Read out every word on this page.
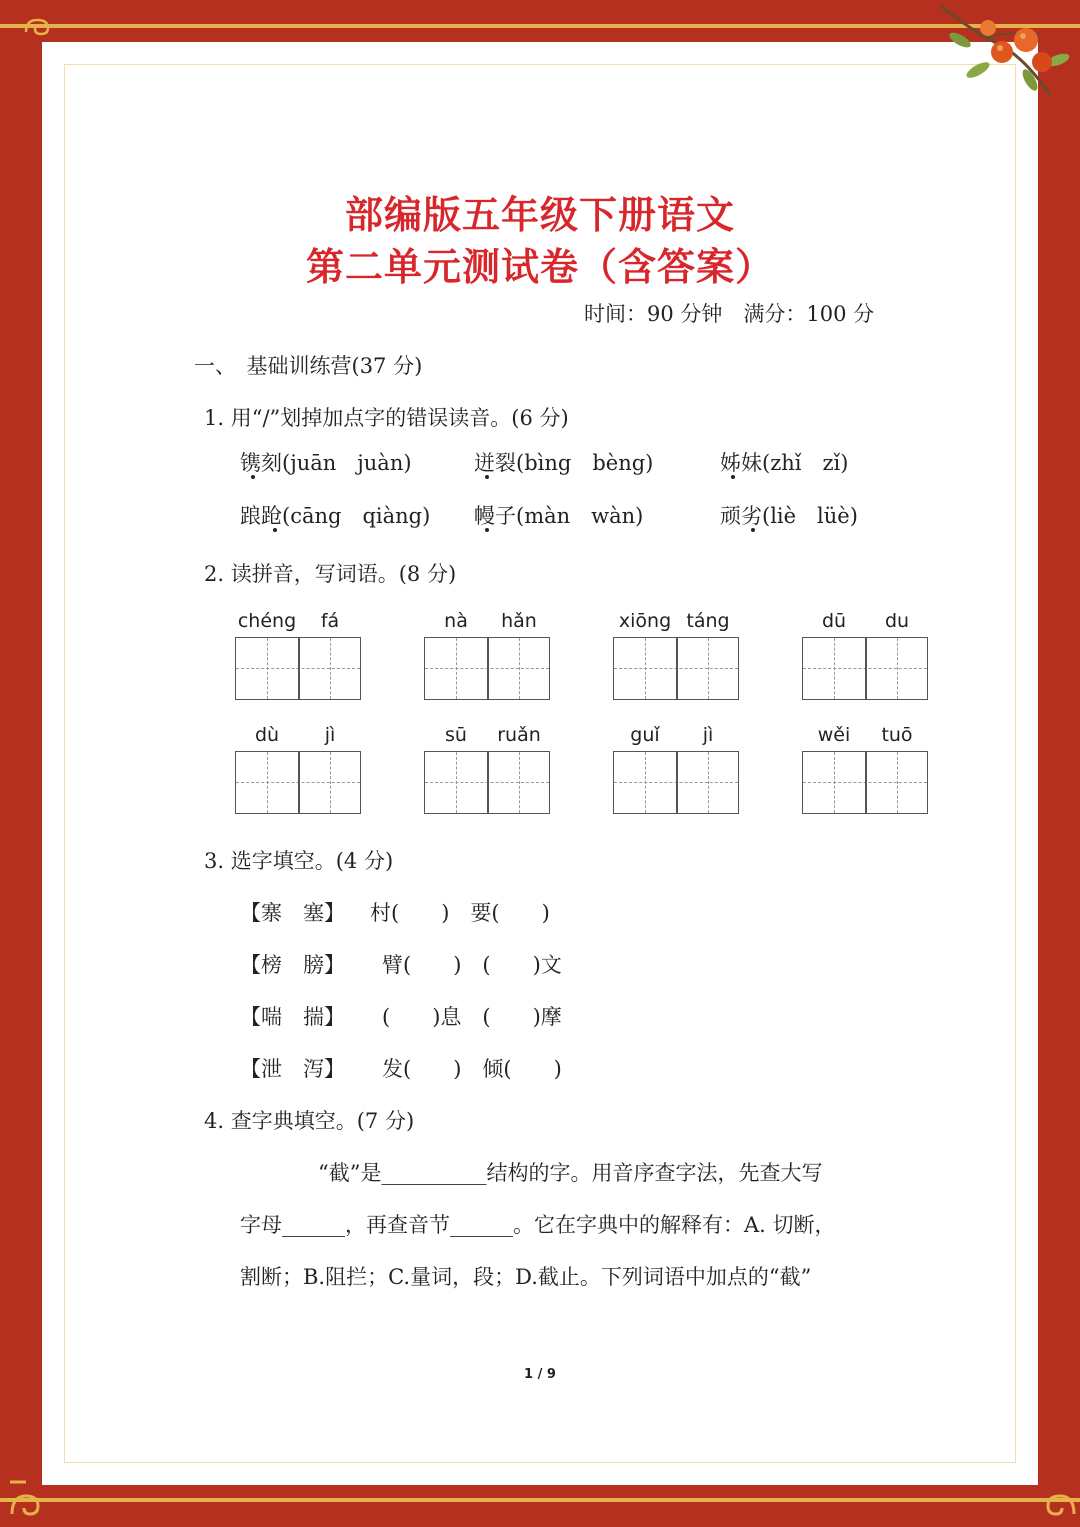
部编版五年级下册语文
第二单元测试卷（含答案）
时间：90 分钟　满分：100 分
一、　基础训练营(37 分)
1. 用“/”划掉加点字的错误读音。(6 分)
镌刻(juān　juàn)	迸裂(bìng　bèng)	姊妹(zhǐ　zǐ)
踉跄(cāng　qiàng) 幔子(màn　wàn)	顽劣(liè　lüè)
2. 读拼音，写词语。(8 分)
chéng	fá	nà	hǎn	xiōng táng	dū	du
dù	jì	sū	ruǎn	guǐ	jì	wěi	tuō
3. 选字填空。(4 分)
【寨　塞】 村(　　)　要(　　)
【榜　膀】 臂(　　)　(　　)文
【喘　揣】 (　　)息　(　　)摩
【泄　泻】 发(　　)　倾(　　)
4. 查字典填空。(7 分)
“截”是__________结构的字。用音序查字法，先查大写
字母______，再查音节______。它在字典中的解释有：A. 切断，
割断；B.阻拦；C.量词，段；D.截止。下列词语中加点的“截”
1 / 9
